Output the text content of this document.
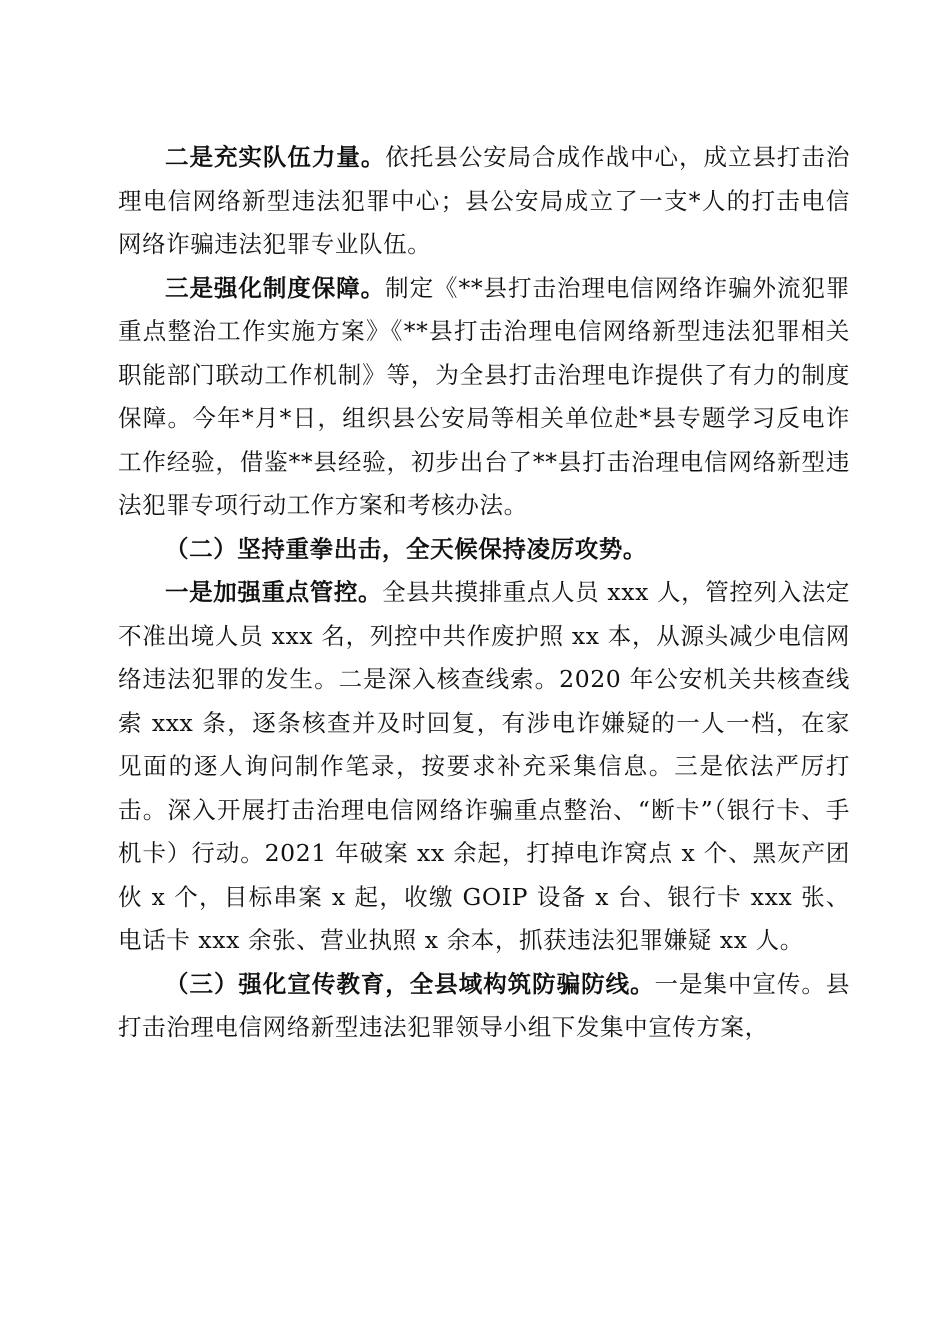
二是充实队伍力量。依托县公安局合成作战中心，成立县打击治理电信网络新型违法犯罪中心；县公安局成立了一支*人的打击电信网络诈骗违法犯罪专业队伍。

三是强化制度保障。制定《**县打击治理电信网络诈骗外流犯罪重点整治工作实施方案》《**县打击治理电信网络新型违法犯罪相关职能部门联动工作机制》等，为全县打击治理电诈提供了有力的制度保障。今年*月*日，组织县公安局等相关单位赴*县专题学习反电诈工作经验，借鉴**县经验，初步出台了**县打击治理电信网络新型违法犯罪专项行动工作方案和考核办法。

（二）坚持重拳出击，全天候保持凌厉攻势。

一是加强重点管控。全县共摸排重点人员 xxx 人，管控列入法定不准出境人员 xxx 名，列控中共作废护照 xx 本，从源头减少电信网络违法犯罪的发生。二是深入核查线索。2020 年公安机关共核查线索 xxx 条，逐条核查并及时回复，有涉电诈嫌疑的一人一档，在家见面的逐人询问制作笔录，按要求补充采集信息。三是依法严厉打击。深入开展打击治理电信网络诈骗重点整治、“断卡”（银行卡、手机卡）行动。2021 年破案 xx 余起，打掉电诈窝点 x 个、黑灰产团伙 x 个，目标串案 x 起，收缴 GOIP 设备 x 台、银行卡 xxx 张、电话卡 xxx 余张、营业执照 x 余本，抓获违法犯罪嫌疑 xx 人。

（三）强化宣传教育，全县域构筑防骗防线。一是集中宣传。县打击治理电信网络新型违法犯罪领导小组下发集中宣传方案，
